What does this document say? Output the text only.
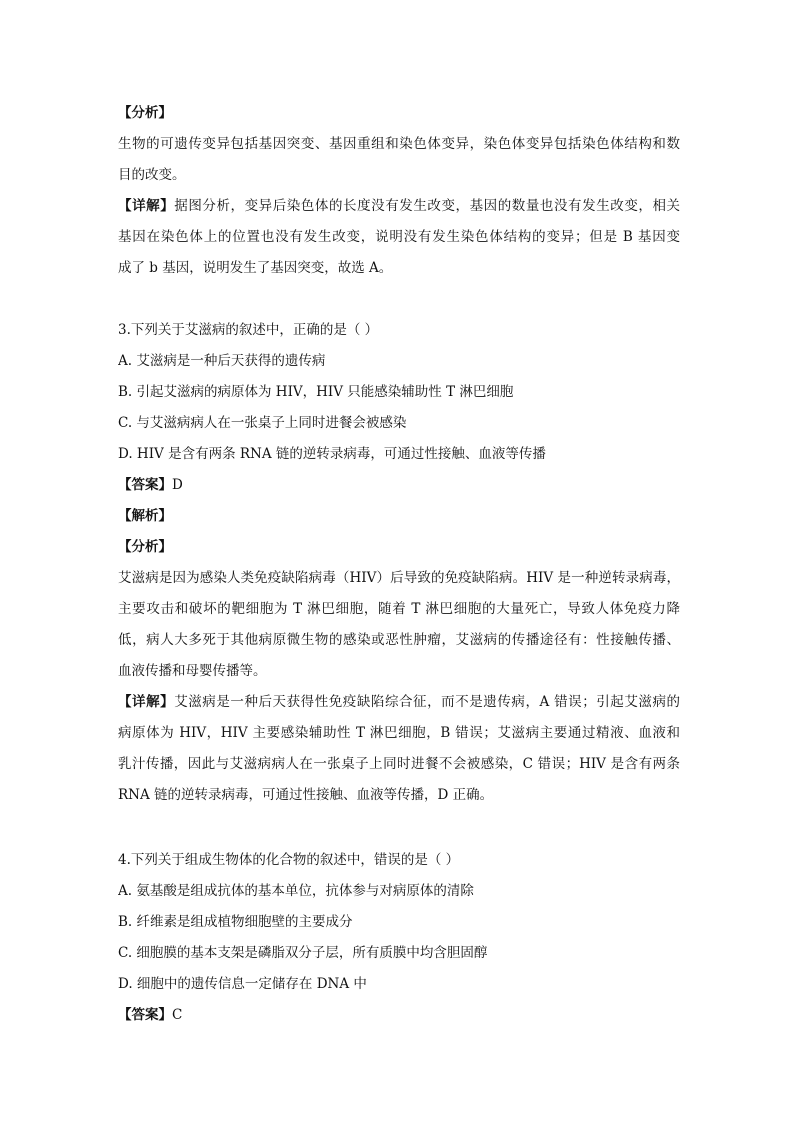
【分析】
生物的可遗传变异包括基因突变、基因重组和染色体变异，染色体变异包括染色体结构和数
目的改变。
【详解】据图分析，变异后染色体的长度没有发生改变，基因的数量也没有发生改变，相关
基因在染色体上的位置也没有发生改变，说明没有发生染色体结构的变异；但是 B 基因变
成了 b 基因，说明发生了基因突变，故选 A。
3.下列关于艾滋病的叙述中，正确的是（ ）
A. 艾滋病是一种后天获得的遗传病
B. 引起艾滋病的病原体为 HIV，HIV 只能感染辅助性 T 淋巴细胞
C. 与艾滋病病人在一张桌子上同时进餐会被感染
D. HIV 是含有两条 RNA 链的逆转录病毒，可通过性接触、血液等传播
【答案】D
【解析】
【分析】
艾滋病是因为感染人类免疫缺陷病毒（HIV）后导致的免疫缺陷病。HIV 是一种逆转录病毒，
主要攻击和破坏的靶细胞为 T 淋巴细胞，随着 T 淋巴细胞的大量死亡，导致人体免疫力降
低，病人大多死于其他病原微生物的感染或恶性肿瘤，艾滋病的传播途径有：性接触传播、
血液传播和母婴传播等。
【详解】艾滋病是一种后天获得性免疫缺陷综合征，而不是遗传病，A 错误；引起艾滋病的
病原体为 HIV，HIV 主要感染辅助性 T 淋巴细胞，B 错误；艾滋病主要通过精液、血液和
乳汁传播，因此与艾滋病病人在一张桌子上同时进餐不会被感染，C 错误；HIV 是含有两条
RNA 链的逆转录病毒，可通过性接触、血液等传播，D 正确。
4.下列关于组成生物体的化合物的叙述中，错误的是（ ）
A. 氨基酸是组成抗体的基本单位，抗体参与对病原体的清除
B. 纤维素是组成植物细胞壁的主要成分
C. 细胞膜的基本支架是磷脂双分子层，所有质膜中均含胆固醇
D. 细胞中的遗传信息一定储存在 DNA 中
【答案】C
